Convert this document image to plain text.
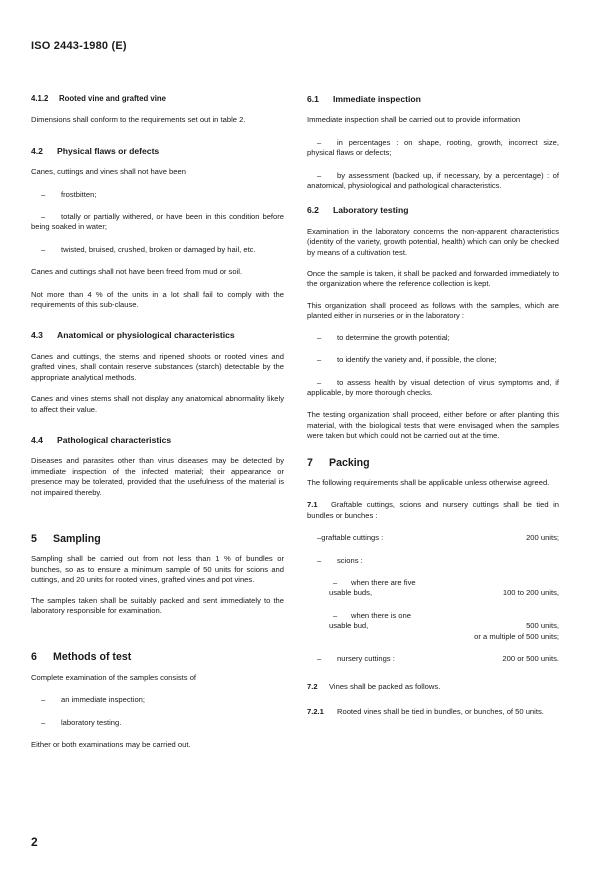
ISO 2443-1980 (E)
4.1.2 Rooted vine and grafted vine

Dimensions shall conform to the requirements set out in table 2.

4.2 Physical flaws or defects

Canes, cuttings and vines shall not have been

– frostbitten;

– totally or partially withered, or have been in this condition before being soaked in water;

– twisted, bruised, crushed, broken or damaged by hail, etc.

Canes and cuttings shall not have been freed from mud or soil.

Not more than 4 % of the units in a lot shall fail to comply with the requirements of this sub-clause.

4.3 Anatomical or physiological characteristics

Canes and cuttings, the stems and ripened shoots or rooted vines and grafted vines, shall contain reserve substances (starch) detectable by the appropriate analytical methods.

Canes and vines stems shall not display any anatomical abnormality likely to affect their value.

4.4 Pathological characteristics

Diseases and parasites other than virus diseases may be detected by immediate inspection of the infected material; their appearance or presence may be tolerated, provided that the usefulness of the material is not impaired thereby.

5 Sampling

Sampling shall be carried out from not less than 1 % of bundles or bunches, so as to ensure a minimum sample of 50 units for scions and cuttings, and 20 units for rooted vines, grafted vines and pot vines.

The samples taken shall be suitably packed and sent immediately to the laboratory responsible for examination.

6 Methods of test

Complete examination of the samples consists of

– an immediate inspection;
– laboratory testing.

Either or both examinations may be carried out.

6.1 Immediate inspection

Immediate inspection shall be carried out to provide information

– in percentages : on shape, rooting, growth, incorrect size, physical flaws or defects;

– by assessment (backed up, if necessary, by a percentage) : of anatomical, physiological and pathological characteristics.

6.2 Laboratory testing

Examination in the laboratory concerns the non-apparent characteristics (identity of the variety, growth potential, health) which can only be checked by means of a cultivation test.

Once the sample is taken, it shall be packed and forwarded immediately to the organization where the reference collection is kept.

This organization shall proceed as follows with the samples, which are planted either in nurseries or in the laboratory :

– to determine the growth potential;
– to identify the variety and, if possible, the clone;

– to assess health by visual detection of virus symptoms and, if applicable, by more thorough checks.

The testing organization shall proceed, either before or after planting this material, with the biological tests that were envisaged when the samples were taken but which could not be carried out at the time.

7 Packing

The following requirements shall be applicable unless otherwise agreed.

7.1 Graftable cuttings, scions and nursery cuttings shall be tied in bundles or bunches :

–graftable cuttings :	200 units;
– scions :
– when there are five
usable buds,	100 to 200 units,
– when there is one
usable bud,	500 units,
or a multiple of 500 units;
– nursery cuttings :	200 or 500 units.

7.2 Vines shall be packed as follows.

7.2.1 Rooted vines shall be tied in bundles, or bunches, of 50 units.

2
